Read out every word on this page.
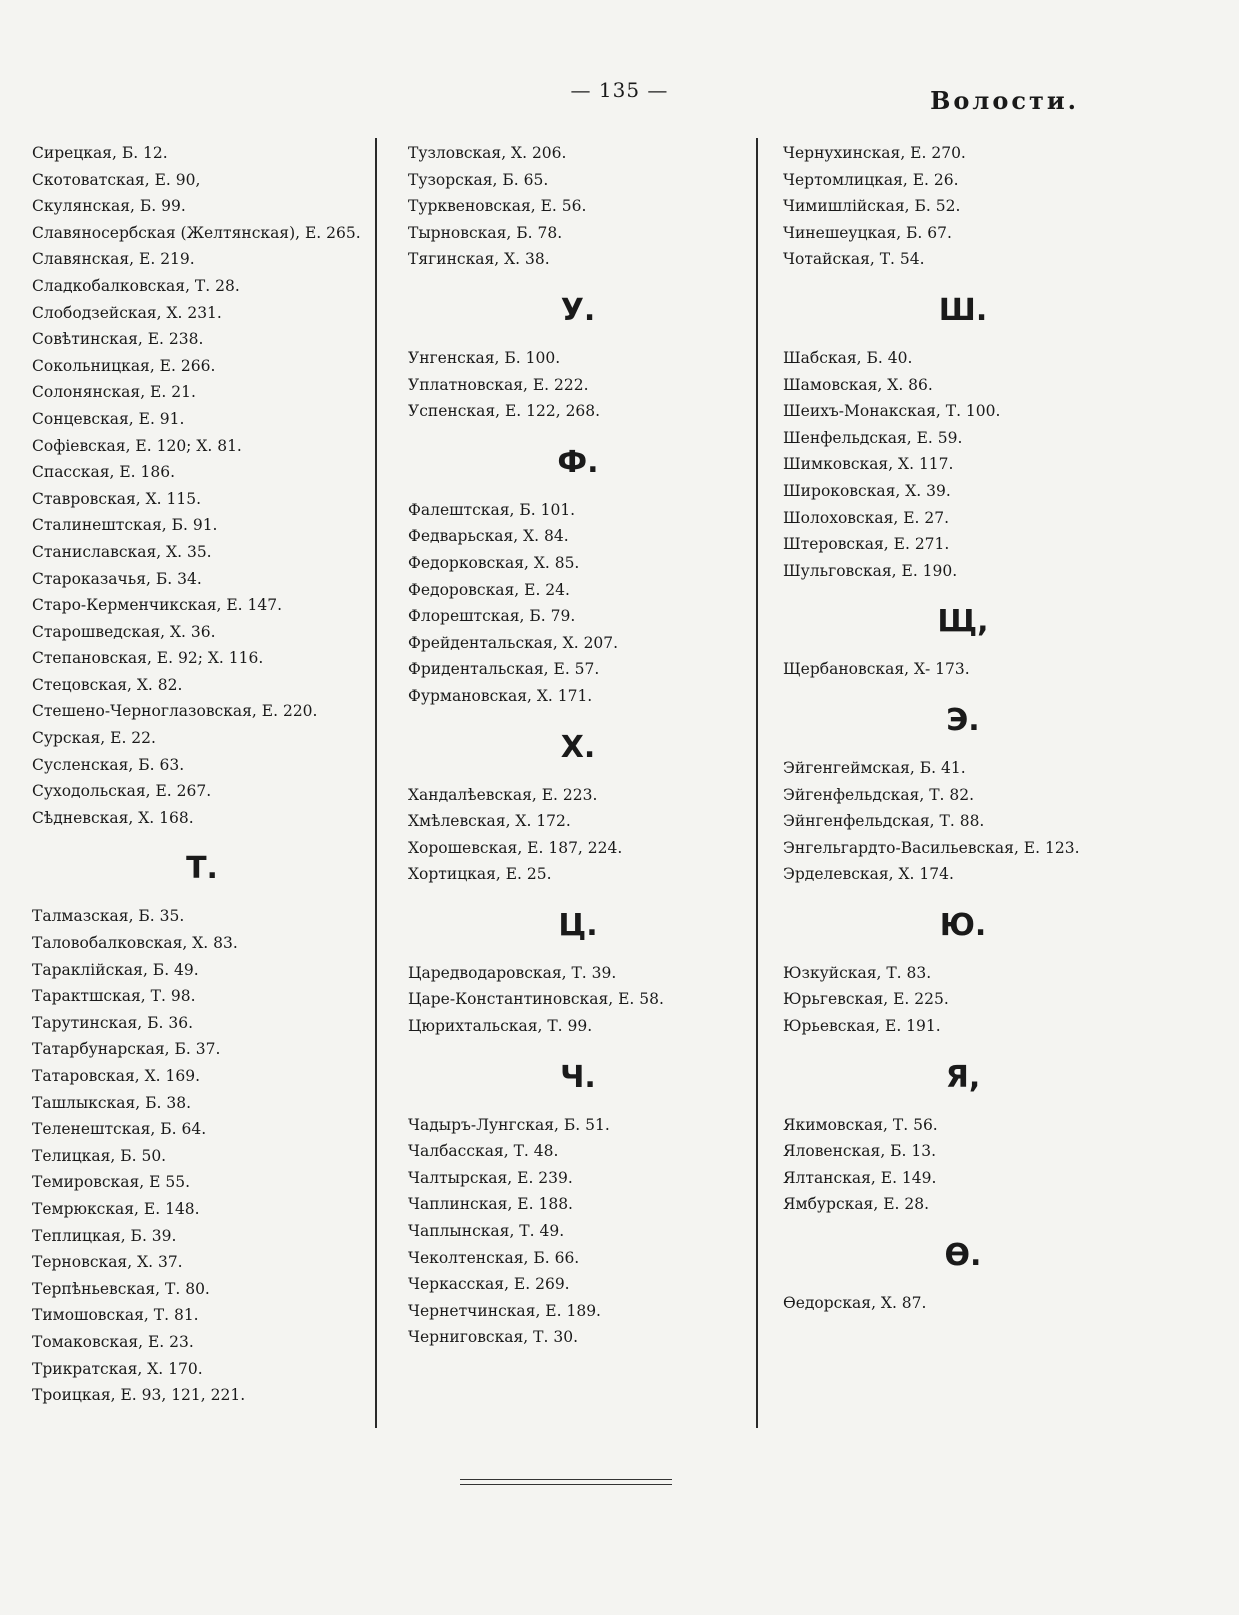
— 135 —	Волости.
Сирецкая, Б. 12.
Скотоватская, Е. 90,
Скулянская, Б. 99.
Славяносербская (Желтянская), Е. 265.
Славянская, Е. 219.
Сладкобалковская, Т. 28.
Слободзейская, Х. 231.
Совѣтинская, Е. 238.
Сокольницкая, Е. 266.
Солонянская, Е. 21.
Сонцевская, Е. 91.
Софіевская, Е. 120; Х. 81.
Спасская, Е. 186.
Ставровская, Х. 115.
Сталинештская, Б. 91.
Станиславская, Х. 35.
Староказачья, Б. 34.
Старо-Керменчикская, Е. 147.
Старошведская, Х. 36.
Степановская, Е. 92; Х. 116.
Стецовская, Х. 82.
Стешено-Черноглазовская, Е. 220.
Сурская, Е. 22.
Сусленская, Б. 63.
Суходольская, Е. 267.
Сѣдневская, Х. 168.
Т.
Талмазская, Б. 35.
Таловобалковская, Х. 83.
Тараклійская, Б. 49.
Тарактшская, Т. 98.
Тарутинская, Б. 36.
Татарбунарская, Б. 37.
Татаровская, Х. 169.
Ташлыкская, Б. 38.
Теленештская, Б. 64.
Телицкая, Б. 50.
Темировская, Е 55.
Темрюкская, Е. 148.
Теплицкая, Б. 39.
Терновская, Х. 37.
Терпѣньевская, Т. 80.
Тимошовская, Т. 81.
Томаковская, Е. 23.
Трикратская, Х. 170.
Троицкая, Е. 93, 121, 221.
Тузловская, Х. 206.
Тузорская, Б. 65.
Турквеновская, Е. 56.
Тырновская, Б. 78.
Тягинская, Х. 38.
У.
Унгенская, Б. 100.
Уплатновская, Е. 222.
Успенская, Е. 122, 268.
Ф.
Фалештская, Б. 101.
Федварьская, Х. 84.
Федорковская, Х. 85.
Федоровская, Е. 24.
Флорештская, Б. 79.
Фрейдентальская, Х. 207.
Фридентальская, Е. 57.
Фурмановская, Х. 171.
Х.
Хандалѣевская, Е. 223.
Хмѣлевская, Х. 172.
Хорошевская, Е. 187, 224.
Хортицкая, Е. 25.
Ц.
Царедводаровская, Т. 39.
Царе-Константиновская, Е. 58.
Цюрихтальская, Т. 99.
Ч.
Чадыръ-Лунгская, Б. 51.
Чалбасская, Т. 48.
Чалтырская, Е. 239.
Чаплинская, Е. 188.
Чаплынская, Т. 49.
Чеколтенская, Б. 66.
Черкасская, Е. 269.
Чернетчинская, Е. 189.
Черниговская, Т. 30.
Чернухинская, Е. 270.
Чертомлицкая, Е. 26.
Чимишлійская, Б. 52.
Чинешеуцкая, Б. 67.
Чотайская, Т. 54.
Ш.
Шабская, Б. 40.
Шамовская, Х. 86.
Шеихъ-Монакская, Т. 100.
Шенфельдская, Е. 59.
Шимковская, Х. 117.
Широковская, Х. 39.
Шолоховская, Е. 27.
Штеровская, Е. 271.
Шульговская, Е. 190.
Щ,
Щербановская, Х- 173.
Э.
Эйгенгеймская, Б. 41.
Эйгенфельдская, Т. 82.
Эйнгенфельдская, Т. 88.
Энгельгардто-Васильевская, Е. 123.
Эрделевская, Х. 174.
Ю.
Юзкуйская, Т. 83.
Юрьгевская, Е. 225.
Юрьевская, Е. 191.
Я,
Якимовская, Т. 56.
Яловенская, Б. 13.
Ялтанская, Е. 149.
Ямбурская, Е. 28.
Ѳ.
Ѳедорская, Х. 87.
